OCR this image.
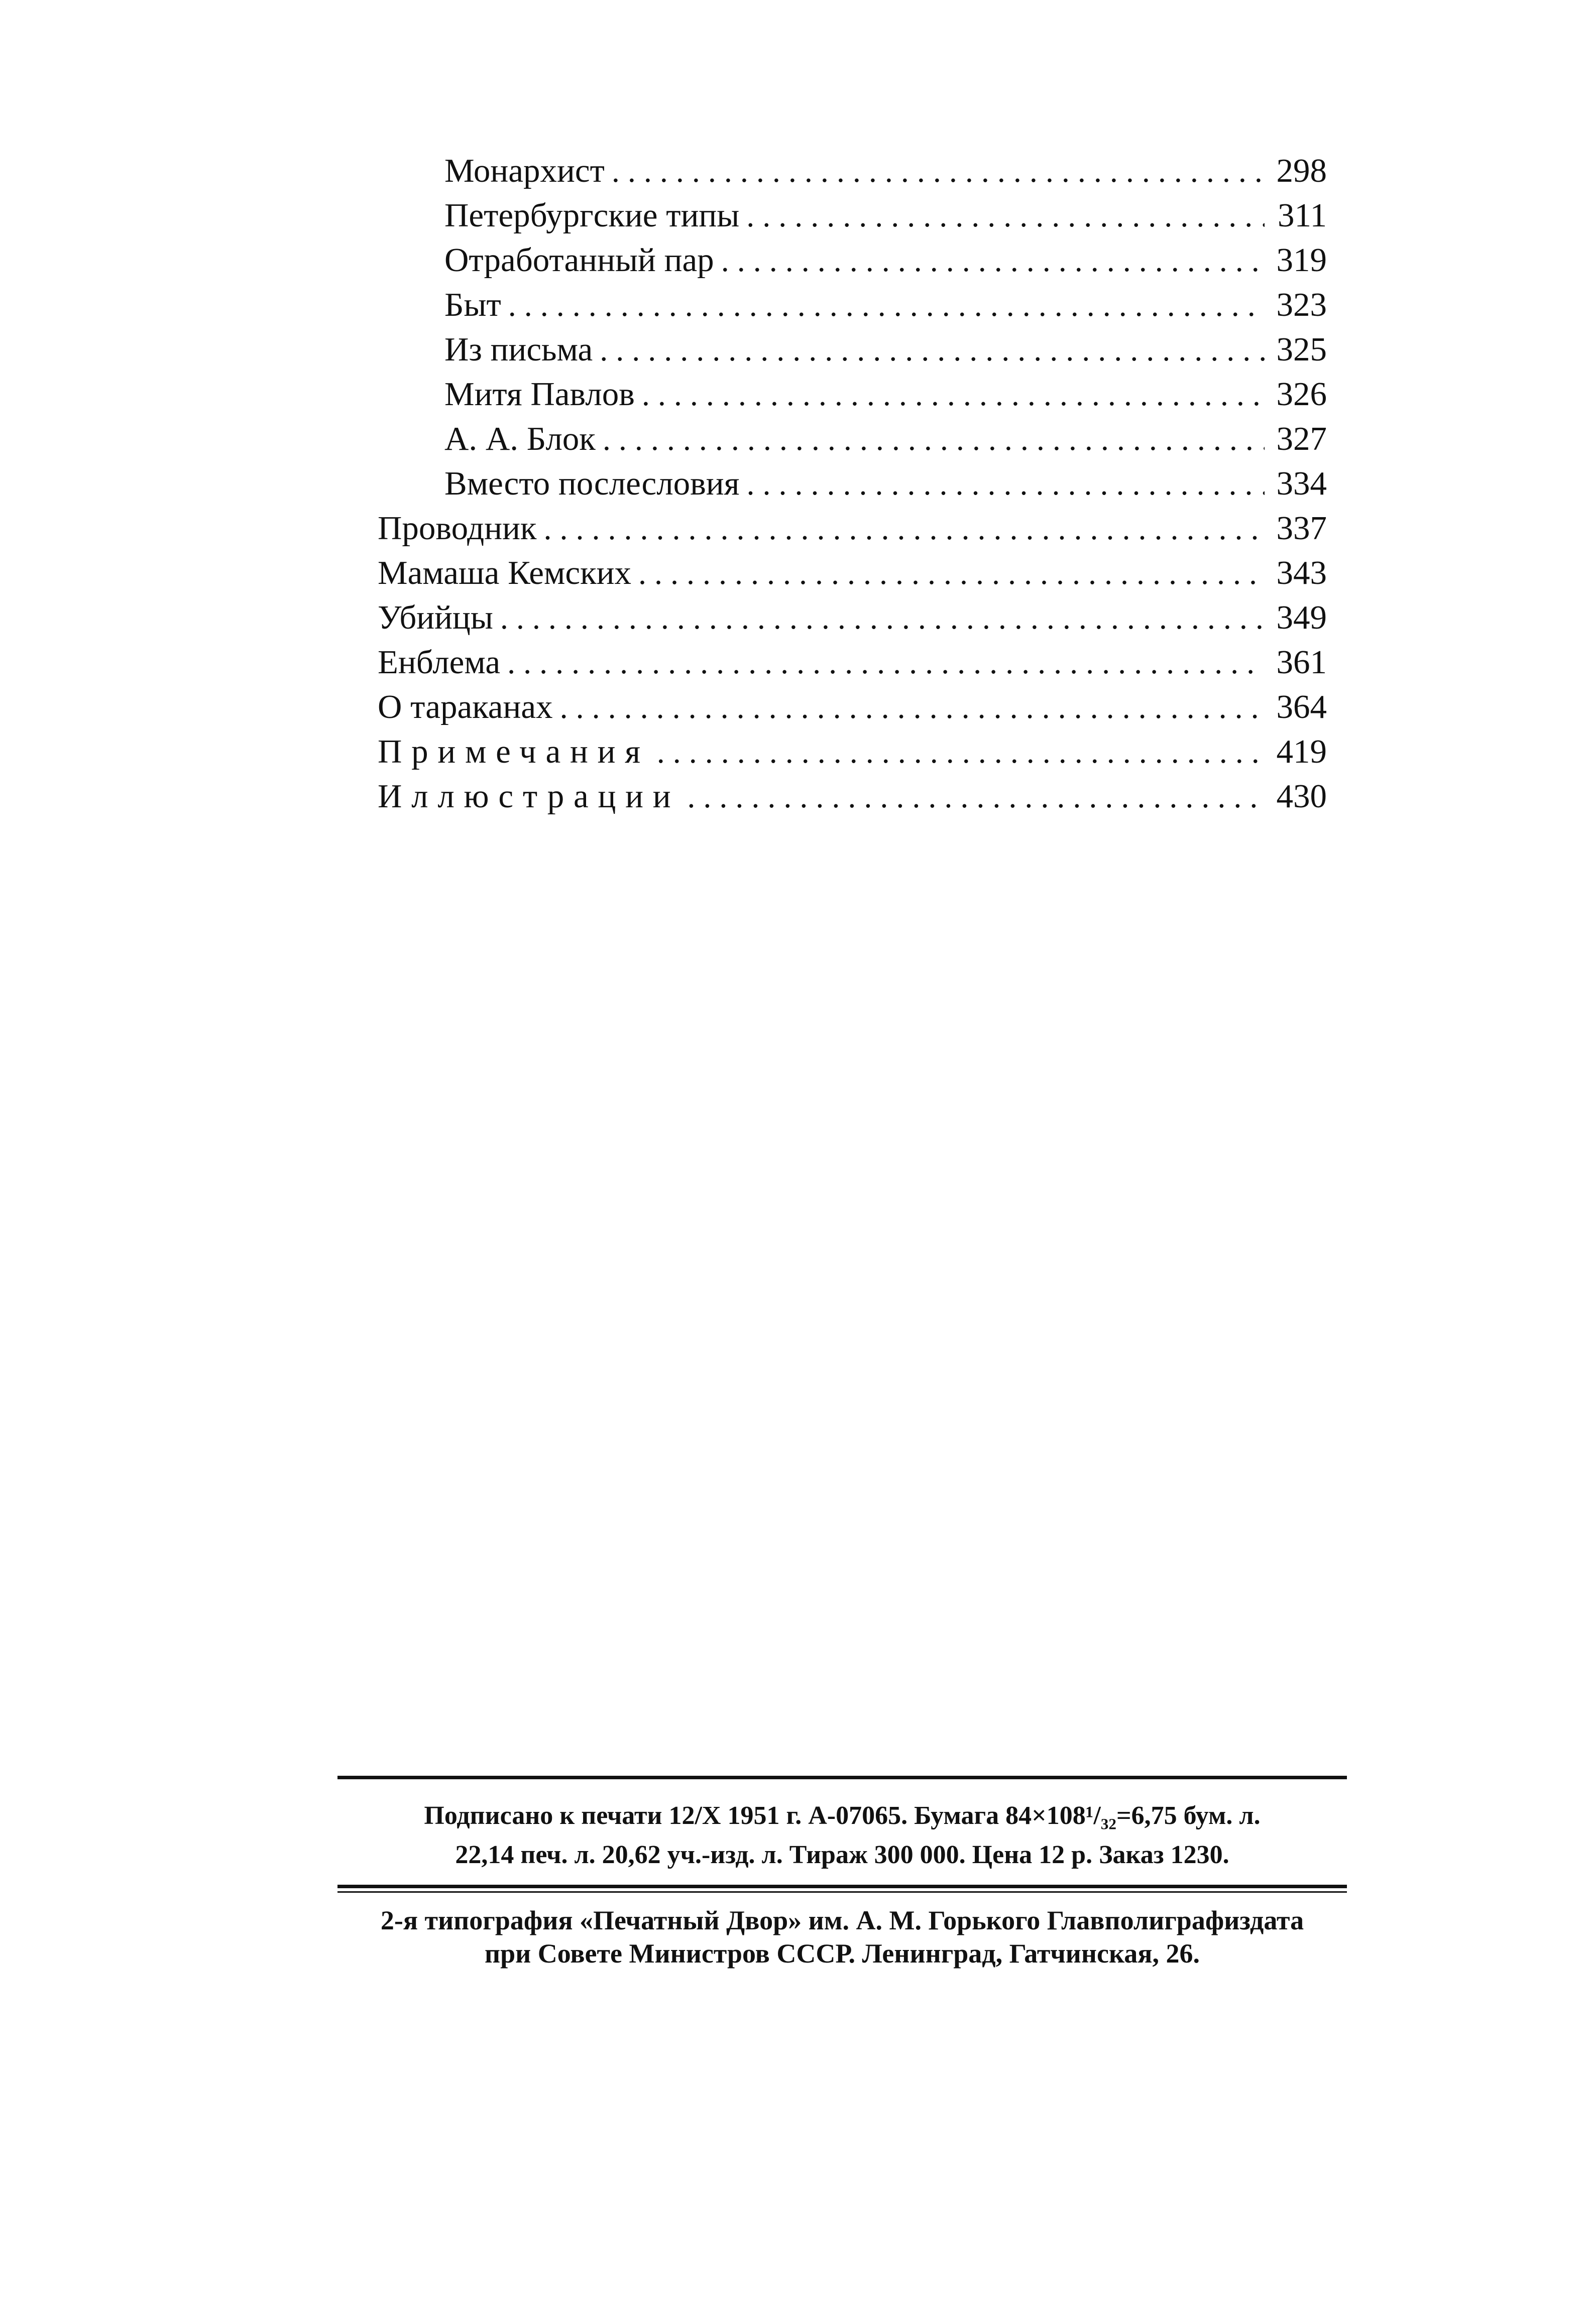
Монархист . . .	298
Петербургские типы . . .	311
Отработанный пар . . .	319
Быт . . .	323
Из письма . . .	325
Митя Павлов . . .	326
А. А. Блок . . .	327
Вместо послесловия . . .	334
Проводник . . .	337
Мамаша Кемских . . .	343
Убийцы . . .	349
Енблема . . .	361
О тараканах . . .	364
Примечания . . .	419
Иллюстрации . . .	430
Подписано к печати 12/X 1951 г. А-07065. Бумага 84×108¹/₃₂=6,75 бум. л.
22,14 печ. л. 20,62 уч.-изд. л. Тираж 300 000. Цена 12 р. Заказ 1230.
2-я типография «Печатный Двор» им. А. М. Горького Главполиграфиздата
при Совете Министров СССР. Ленинград, Гатчинская, 26.
